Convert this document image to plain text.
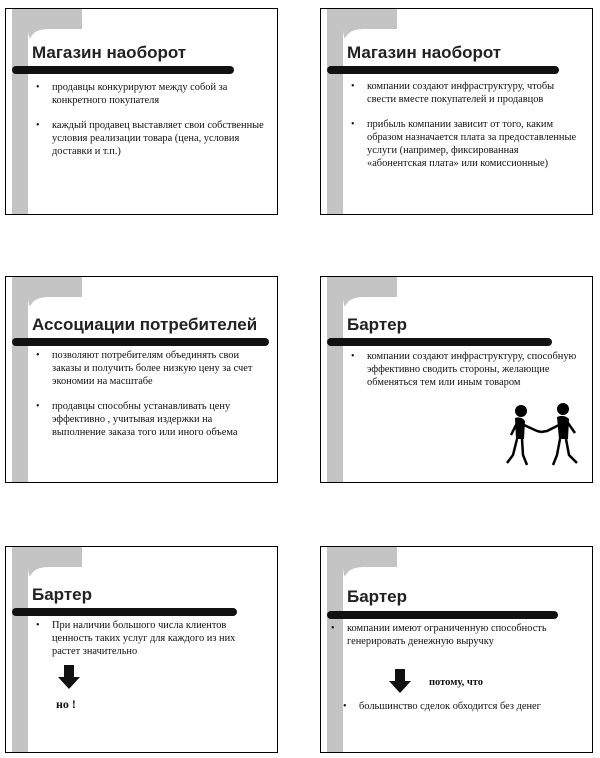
Магазин наоборот
• продавцы конкурируют между собой за конкретного покупателя
• каждый продавец выставляет свои собственные условия реализации товара (цена, условия доставки и т.п.)
Магазин наоборот
• компании создают инфраструктуру, чтобы свести вместе покупателей и продавцов
• прибыль компании зависит от того, каким образом назначается плата за предоставленные услуги (например, фиксированная «абонентская плата» или комиссионные)
Ассоциации потребителей
• позволяют потребителям объединять свои заказы и получить более низкую цену за счет экономии на масштабе
• продавцы способны устанавливать цену эффективно , учитывая издержки на выполнение заказа того или иного объема
Бартер
• компании создают инфраструктуру, способную эффективно сводить стороны, желающие обменяться тем или иным товаром
Бартер
• При наличии большого числа клиентов ценность таких услуг для каждого из них растет значительно
но !
Бартер
• компании имеют ограниченную способность генерировать денежную выручку
потому, что
• большинство сделок обходится без денег
